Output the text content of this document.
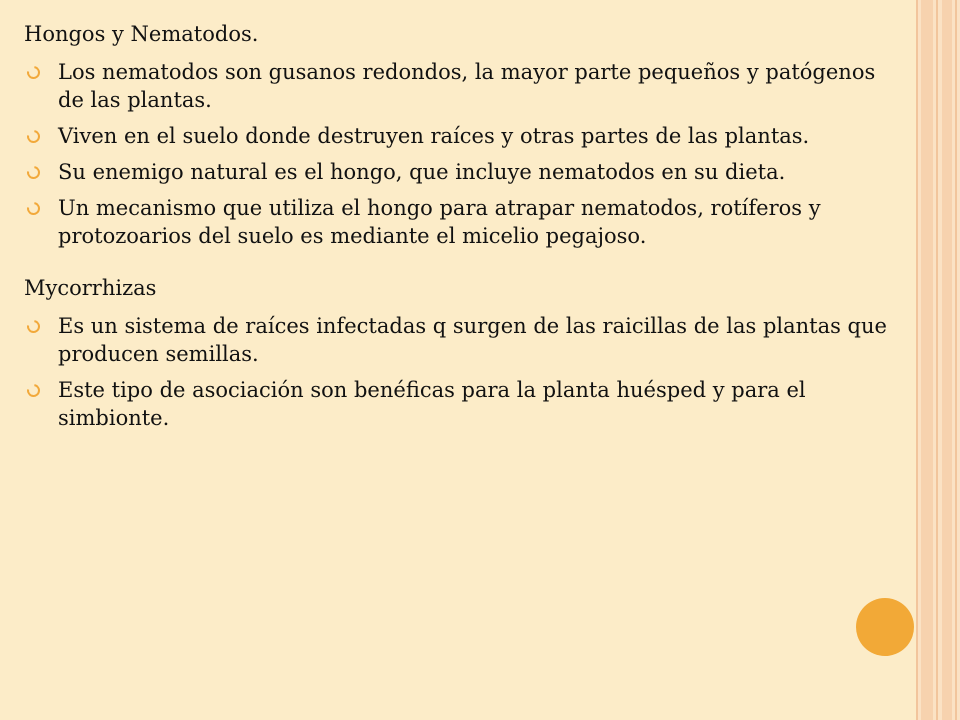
Hongos y Nematodos.
Los nematodos son gusanos redondos, la mayor parte pequeños y patógenos de las plantas.
Viven en el suelo donde destruyen raíces y otras partes de las plantas.
Su enemigo natural es el hongo, que incluye nematodos en su dieta.
Un mecanismo que utiliza el hongo para atrapar nematodos, rotíferos y protozoarios del suelo es mediante el micelio pegajoso.
Mycorrhizas
Es un sistema de raíces infectadas q surgen de las raicillas de las plantas que producen semillas.
Este tipo de asociación son benéficas para la planta huésped y para el simbionte.
